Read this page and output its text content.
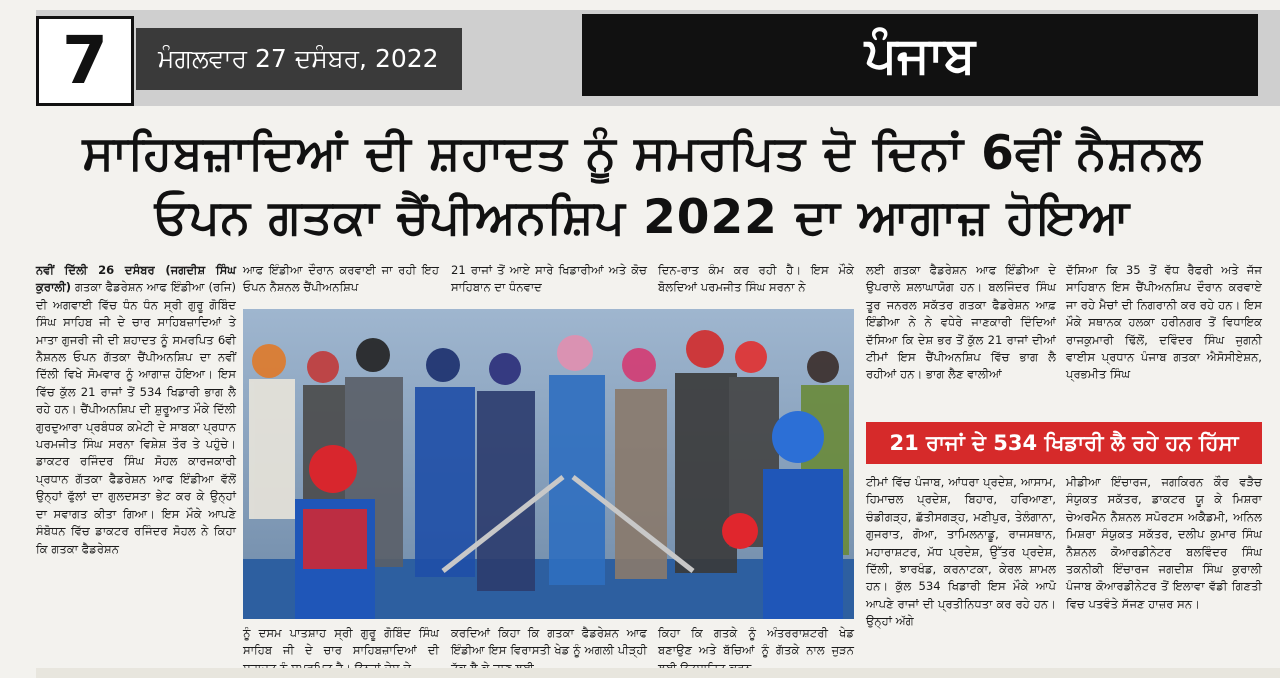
7	ਮੰਗਲਵਾਰ 27 ਦਸੰਬਰ, 2022	ਪੰਜਾਬ
ਸਾਹਿਬਜ਼ਾਦਿਆਂ ਦੀ ਸ਼ਹਾਦਤ ਨੂੰ ਸਮਰਪਿਤ ਦੋ ਦਿਨਾਂ 6ਵੀਂ ਨੈਸ਼ਨਲ
ਓਪਨ ਗਤਕਾ ਚੈਂਪੀਅਨਸ਼ਿਪ 2022 ਦਾ ਆਗਾਜ਼ ਹੋਇਆ
ਨਵੀਂ ਦਿੱਲੀ 26 ਦਸੰਬਰ (ਜਗਦੀਸ਼ ਸਿੰਘ ਕੁਰਾਲੀ) ਗਤਕਾ ਫੈਡਰੇਸ਼ਨ ਆਫ ਇੰਡੀਆ (ਰਜਿ) ਦੀ ਅਗਵਾਈ ਵਿੱਚ ਧੰਨ ਧੰਨ ਸ੍ਰੀ ਗੁਰੂ ਗੋਬਿੰਦ ਸਿੰਘ ਸਾਹਿਬ ਜੀ ਦੇ ਚਾਰ ਸਾਹਿਬਜ਼ਾਦਿਆਂ ਤੇ ਮਾਤਾ ਗੁਜਰੀ ਜੀ ਦੀ ਸ਼ਹਾਦਤ ਨੂੰ ਸਮਰਪਿਤ 6ਵੀ ਨੈਸ਼ਨਲ ਓਪਨ ਗੱਤਕਾ ਚੈਂਪੀਅਨਸ਼ਿਪ ਦਾ ਨਵੀਂ ਦਿੱਲੀ ਵਿਖੇ ਸੋਮਵਾਰ ਨੂੰ ਆਗਾਜ਼ ਹੋਇਆ। ਇਸ ਵਿੱਚ ਕੁੱਲ 21 ਰਾਜਾਂ ਤੋਂ 534 ਖਿਡਾਰੀ ਭਾਗ ਲੈ ਰਹੇ ਹਨ। ਚੈਂਪੀਅਨਸ਼ਿਪ ਦੀ ਸ਼ੁਰੂਆਤ ਮੌਕੇ ਦਿੱਲੀ ਗੁਰਦੁਆਰਾ ਪ੍ਰਬੰਧਕ ਕਮੇਟੀ ਦੇ ਸਾਬਕਾ ਪ੍ਰਧਾਨ ਪਰਮਜੀਤ ਸਿੰਘ ਸਰਨਾ ਵਿਸ਼ੇਸ਼ ਤੌਰ ਤੇ ਪਹੁੰਚੇ। ਡਾਕਟਰ ਰਜਿੰਦਰ ਸਿੰਘ ਸੋਹਲ ਕਾਰਜਕਾਰੀ ਪ੍ਰਧਾਨ ਗੱਤਕਾ ਫੈਡਰੇਸ਼ਨ ਆਫ ਇੰਡੀਆ ਵੱਲੋਂ ਉਨ੍ਹਾਂ ਫੁੱਲਾਂ ਦਾ ਗੁਲਦਸਤਾ ਭੇਟ ਕਰ ਕੇ ਉਨ੍ਹਾਂ ਦਾ ਸਵਾਗਤ ਕੀਤਾ ਗਿਆ। ਇਸ ਮੌਕੇ ਆਪਣੇ ਸੰਬੋਧਨ ਵਿੱਚ ਡਾਕਟਰ ਰਜਿੰਦਰ ਸੋਹਲ ਨੇ ਕਿਹਾ ਕਿ ਗਤਕਾ ਫੈਡਰੇਸ਼ਨ
ਆਫ ਇੰਡੀਆ ਦੌਰਾਨ ਕਰਵਾਈ ਜਾ ਰਹੀ ਇਹ ਓਪਨ ਨੈਸ਼ਨਲ ਚੈਂਪੀਅਨਸ਼ਿਪ
21 ਰਾਜਾਂ ਤੋਂ ਆਏ ਸਾਰੇ ਖਿਡਾਰੀਆਂ ਅਤੇ ਕੋਚ ਸਾਹਿਬਾਨ ਦਾ ਧੰਨਵਾਦ
ਦਿਨ-ਰਾਤ ਕੰਮ ਕਰ ਰਹੀ ਹੈ। ਇਸ ਮੌਕੇ ਬੋਲਦਿਆਂ ਪਰਮਜੀਤ ਸਿੰਘ ਸਰਨਾ ਨੇ
ਨੂੰ ਦਸਮ ਪਾਤਸ਼ਾਹ ਸ੍ਰੀ ਗੁਰੂ ਗੋਬਿੰਦ ਸਿੰਘ ਸਾਹਿਬ ਜੀ ਦੇ ਚਾਰ ਸਾਹਿਬਜ਼ਾਦਿਆਂ ਦੀ
ਕਰਦਿਆਂ ਕਿਹਾ ਕਿ ਗਤਕਾ ਫੈਡਰੇਸ਼ਨ ਆਫ ਇੰਡੀਆ ਇਸ ਵਿਰਾਸਤੀ ਖੇਡ ਨੂੰ ਅਗਲੀ ਪੀੜ੍ਹੀ
ਕਿਹਾ ਕਿ ਗਤਕੇ ਨੂੰ ਅੰਤਰਰਾਸ਼ਟਰੀ ਖੇਡ ਬਣਾਉਣ ਅਤੇ ਬੱਚਿਆਂ ਨੂੰ ਗੱਤਕੇ ਨਾਲ ਜੁੜਨ
ਲਈ ਗਤਕਾ ਫੈਡਰੇਸ਼ਨ ਆਫ ਇੰਡੀਆ ਦੇ ਉਪਰਾਲੇ ਸ਼ਲਾਘਾਯੋਗ ਹਨ। ਬਲਜਿੰਦਰ ਸਿੰਘ ਤੂਰ ਜਨਰਲ ਸਕੱਤਰ ਗਤਕਾ ਫੈਡਰੇਸ਼ਨ ਆਫ਼ ਇੰਡੀਆ ਨੇ ਨੇ ਵਧੇਰੇ ਜਾਣਕਾਰੀ ਦਿੰਦਿਆਂ ਦੱਸਿਆ ਕਿ ਦੇਸ਼ ਭਰ ਤੋਂ ਕੁੱਲ 21 ਰਾਜਾਂ ਦੀਆਂ ਟੀਮਾਂ ਇਸ ਚੈਂਪੀਅਨਸ਼ਿਪ ਵਿੱਚ ਭਾਗ ਲੈ ਰਹੀਆਂ ਹਨ। ਭਾਗ ਲੈਣ ਵਾਲੀਆਂ
ਦੱਸਿਆ ਕਿ 35 ਤੋਂ ਵੱਧ ਰੈਫਰੀ ਅਤੇ ਜੱਜ ਸਾਹਿਬਾਨ ਇਸ ਚੈਂਪੀਅਨਸ਼ਿਪ ਦੌਰਾਨ ਕਰਵਾਏ ਜਾ ਰਹੇ ਮੈਚਾਂ ਦੀ ਨਿਗਰਾਨੀ ਕਰ ਰਹੇ ਹਨ। ਇਸ ਮੌਕੇ ਸਥਾਨਕ ਹਲਕਾ ਹਰੀਨਗਰ ਤੋਂ ਵਿਧਾਇਕ ਰਾਜਕੁਮਾਰੀ ਢਿੱਲੋਂ, ਦਵਿੰਦਰ ਸਿੰਘ ਜੁਗਨੀ ਵਾਈਸ ਪ੍ਰਧਾਨ ਪੰਜਾਬ ਗਤਕਾ ਐਸੋਸੀਏਸ਼ਨ, ਪ੍ਰਭਮੀਤ ਸਿੰਘ
21 ਰਾਜਾਂ ਦੇ 534 ਖਿਡਾਰੀ ਲੈ ਰਹੇ ਹਨ ਹਿੱਸਾ
ਟੀਮਾਂ ਵਿੱਚ ਪੰਜਾਬ, ਆਂਧਰਾ ਪ੍ਰਦੇਸ਼, ਆਸਾਮ, ਹਿਮਾਚਲ ਪ੍ਰਦੇਸ਼, ਬਿਹਾਰ, ਹਰਿਆਣਾ, ਚੰਡੀਗੜ੍ਹ, ਛੱਤੀਸਗੜ੍ਹ, ਮਣੀਪੁਰ, ਤੇਲੰਗਾਨਾ, ਗੁਜਰਾਤ, ਗੋਆ, ਤਾਮਿਲਨਾਡੂ, ਰਾਜਸਥਾਨ, ਮਹਾਰਾਸ਼ਟਰ, ਮੱਧ ਪ੍ਰਦੇਸ਼, ਉੱਤਰ ਪ੍ਰਦੇਸ਼, ਦਿੱਲੀ, ਝਾਰਖੰਡ, ਕਰਨਾਟਕਾ, ਕੇਰਲ ਸ਼ਾਮਲ ਹਨ। ਕੁੱਲ 534 ਖਿਡਾਰੀ ਇਸ ਮੌਕੇ ਆਪੋ ਆਪਣੇ ਰਾਜਾਂ ਦੀ ਪ੍ਰਤੀਨਿਧਤਾ ਕਰ ਰਹੇ ਹਨ। ਉਨ੍ਹਾਂ ਅੱਗੇ
ਮੀਡੀਆ ਇੰਚਾਰਜ, ਜਗਕਿਰਨ ਕੌਰ ਵੜੈਚ ਸੰਯੁਕਤ ਸਕੱਤਰ, ਡਾਕਟਰ ਯੂ ਕੇ ਮਿਸ਼ਰਾ ਚੇਅਰਮੈਨ ਨੈਸ਼ਨਲ ਸਪੋਰਟਸ ਅਕੈਡਮੀ, ਅਨਿਲ ਮਿਸ਼ਰਾ ਸੰਯੁਕਤ ਸਕੱਤਰ, ਦਲੀਪ ਕੁਮਾਰ ਸਿੰਘ ਨੈਸ਼ਨਲ ਕੋਆਰਡੀਨੇਟਰ ਬਲਵਿੰਦਰ ਸਿੰਘ ਤਕਨੀਕੀ ਇੰਚਾਰਜ ਜਗਦੀਸ਼ ਸਿੰਘ ਕੁਰਾਲੀ ਪੰਜਾਬ ਕੋਆਰਡੀਨੇਟਰ ਤੋਂ ਇਲਾਵਾ ਵੱਡੀ ਗਿਣਤੀ ਵਿਚ ਪਤਵੰਤੇ ਸੱਜਣ ਹਾਜ਼ਰ ਸਨ।
